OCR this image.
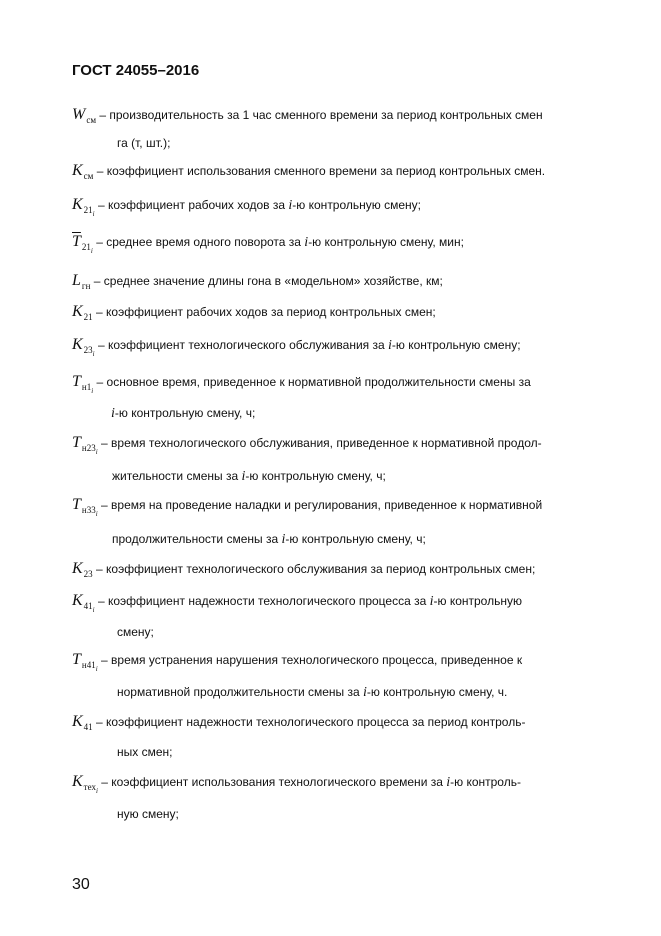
ГОСТ 24055–2016
$W_{см}$ – производительность за 1 час сменного времени за период контрольных смен
га (т, шт.);
$K_{см}$ – коэффициент использования сменного времени за период контрольных смен.
$K_{21_i}$ – коэффициент рабочих ходов за i-ю контрольную смену;
$\overline{T}_{21_i}$ – среднее время одного поворота за i-ю контрольную смену, мин;
$L_{гн}$ – среднее значение длины гона в «модельном» хозяйстве, км;
$K_{21}$ – коэффициент рабочих ходов за период контрольных смен;
$K_{23_i}$ – коэффициент технологического обслуживания за i-ю контрольную смену;
$T_{н1_i}$ – основное время, приведенное к нормативной продолжительности смены за
i-ю контрольную смену, ч;
$T_{н23_i}$ – время технологического обслуживания, приведенное к нормативной продол-
жительности смены за i-ю контрольную смену, ч;
$T_{н33_i}$ – время на проведение наладки и регулирования, приведенное к нормативной
продолжительности смены за i-ю контрольную смену, ч;
$K_{23}$ – коэффициент технологического обслуживания за период контрольных смен;
$K_{41_i}$ – коэффициент надежности технологического процесса за i-ю контрольную
смену;
$T_{н41_i}$ – время устранения нарушения технологического процесса, приведенное к
нормативной продолжительности смены за i-ю контрольную смену, ч.
$K_{41}$ – коэффициент надежности технологического процесса за период контроль-
ных смен;
$K_{тех_i}$ – коэффициент использования технологического времени за i-ю контроль-
ную смену;
30
